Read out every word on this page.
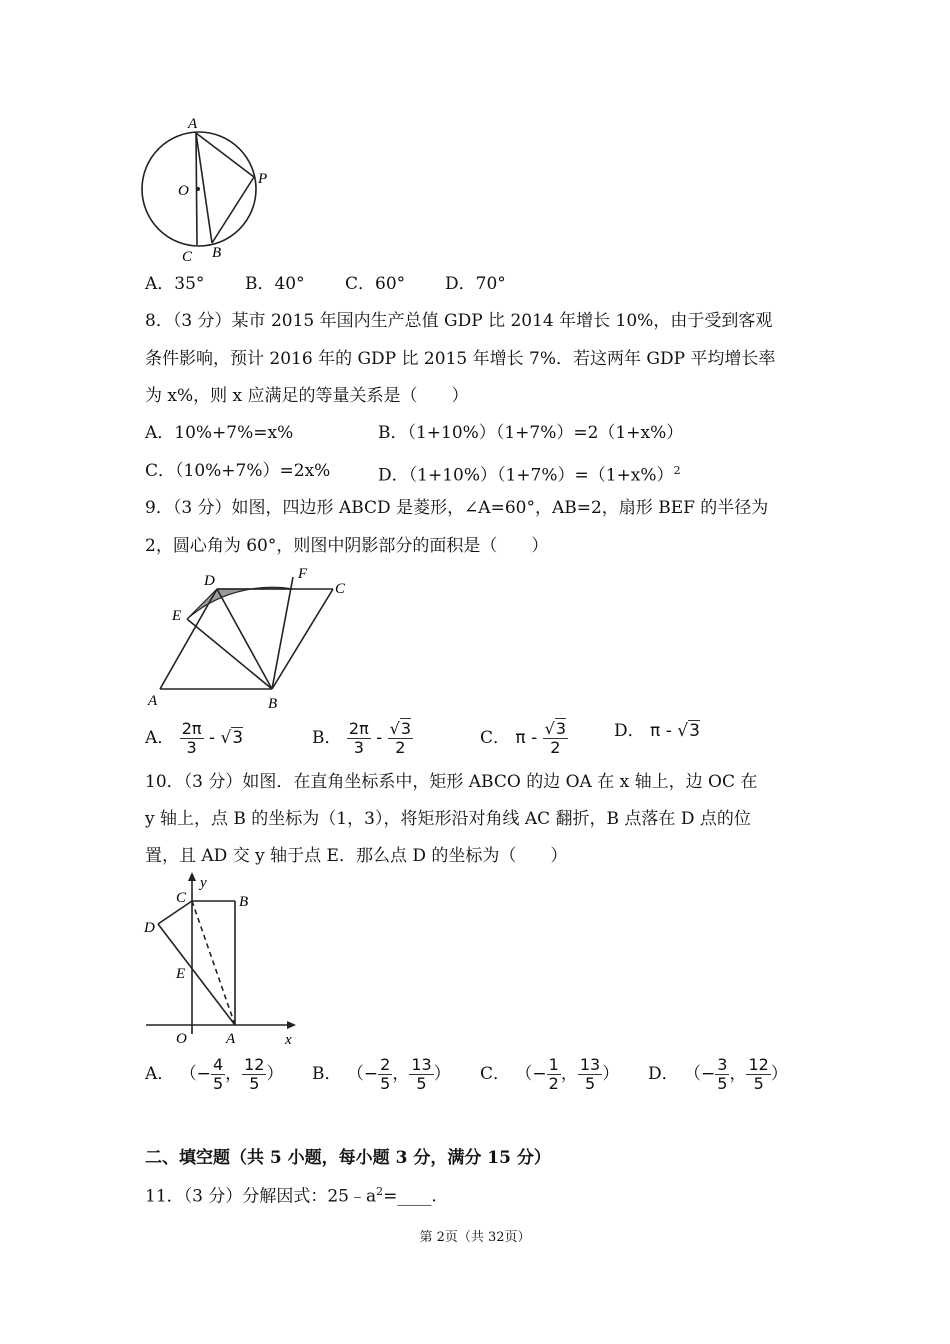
A
O
P
C B
A．35° B．40° C．60° D．70°
8．（3 分）某市 2015 年国内生产总值 GDP 比 2014 年增长 10%，由于受到客观
条件影响，预计 2016 年的 GDP 比 2015 年增长 7%．若这两年 GDP 平均增长率
为 x%，则 x 应满足的等量关系是（　　）
A．10%+7%=x%	B．（1+10%）（1+7%）=2（1+x%）
C．（10%+7%）=2x%	D．$(1+10\%)(1+7\%)=(1+x\%)^2$
9．（3 分）如图，四边形 ABCD 是菱形，∠A=60°，AB=2，扇形 BEF 的半径为
2，圆心角为 60°，则图中阴影部分的面积是（　　）
D	F
C
E
A	B
A． $\frac{2\pi}{3} - √3$	B． $\frac{2\pi}{3} - \frac{√3}{2}$	C． π - $\frac{√3}{2}$	D． π - √3
10．（3 分）如图．在直角坐标系中，矩形 ABCO 的边 OA 在 x 轴上，边 OC 在
y 轴上，点 B 的坐标为（1，3），将矩形沿对角线 AC 翻折，B 点落在 D 点的位
置，且 AD 交 y 轴于点 E．那么点 D 的坐标为（　　）
y
C	B
D
E
O	A	x
A． （− $\frac{4}{5}$ ， $\frac{12}{5}$ ） B． （− $\frac{2}{5}$ ， $\frac{13}{5}$ ） C． （− $\frac{1}{2}$ ， $\frac{13}{5}$ ） D． （− $\frac{3}{5}$ ， $\frac{12}{5}$ ）
二、填空题（共 5 小题，每小题 3 分，满分 15 分）
11．（3 分）分解因式：$25﹣a^2=\_\_\_\_$.
第 2页（共 32页）
